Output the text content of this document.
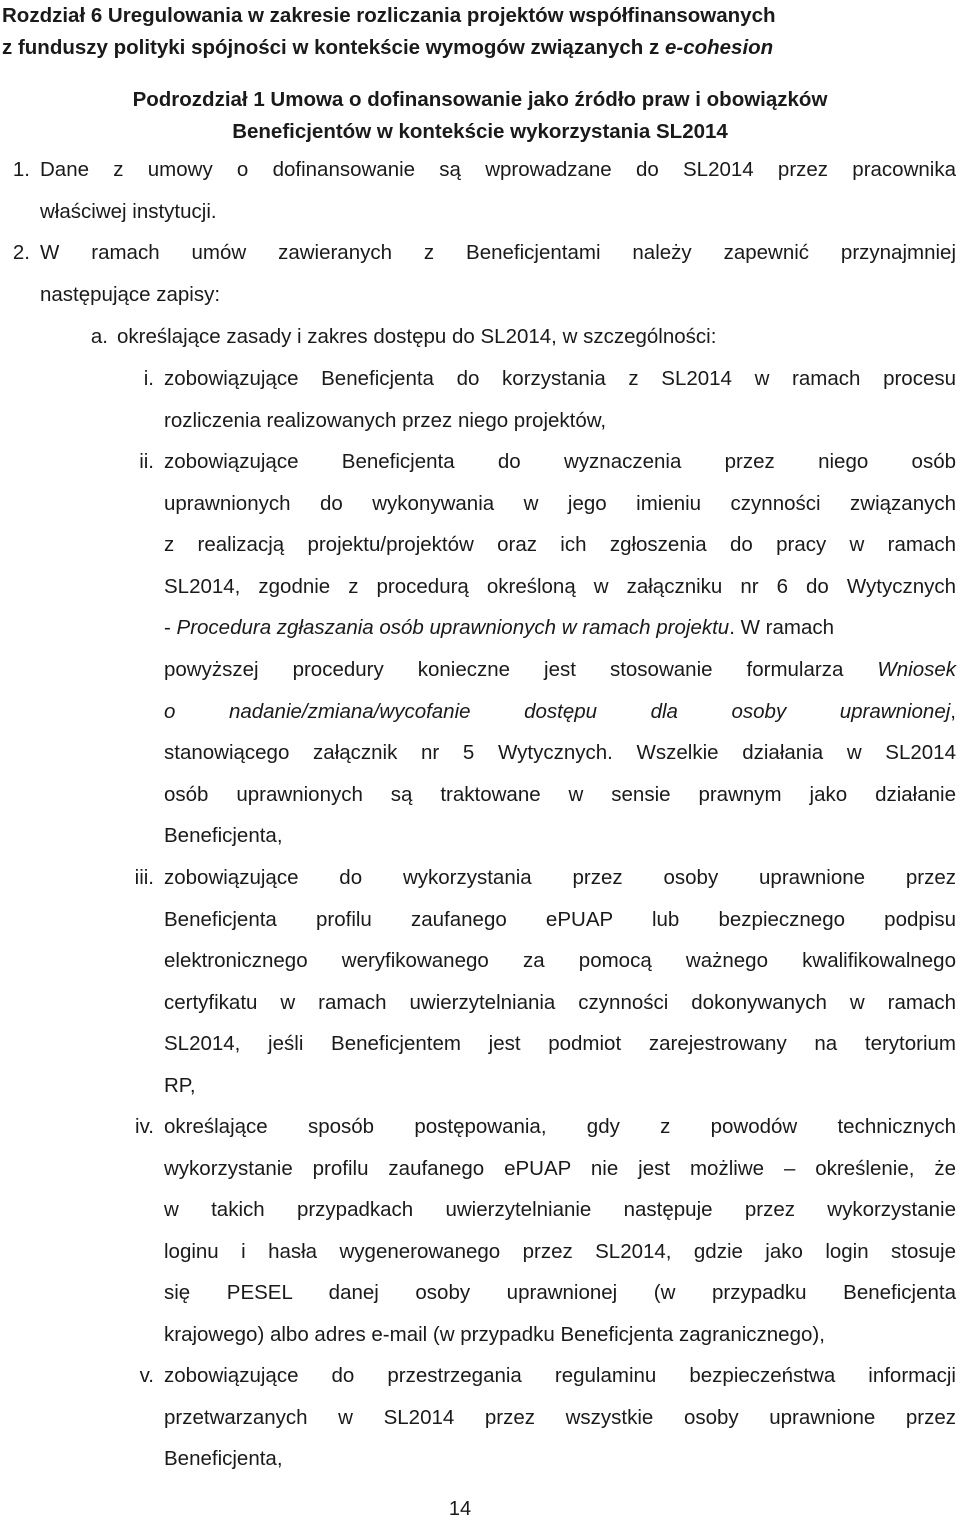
Rozdział 6 Uregulowania w zakresie rozliczania projektów współfinansowanych
z funduszy polityki spójności w kontekście wymogów związanych z e-cohesion
Podrozdział 1 Umowa o dofinansowanie jako źródło praw i obowiązków
Beneficjentów w kontekście wykorzystania SL2014
1. Dane z umowy o dofinansowanie są wprowadzane do SL2014 przez pracownika
właściwej instytucji.
2. W ramach umów zawieranych z Beneficjentami należy zapewnić przynajmniej
następujące zapisy:
a. określające zasady i zakres dostępu do SL2014, w szczególności:
i. zobowiązujące Beneficjenta do korzystania z SL2014 w ramach procesu
rozliczenia realizowanych przez niego projektów,
ii. zobowiązujące Beneficjenta do wyznaczenia przez niego osób
uprawnionych do wykonywania w jego imieniu czynności związanych
z realizacją projektu/projektów oraz ich zgłoszenia do pracy w ramach
SL2014, zgodnie z procedurą określoną w załączniku nr 6 do Wytycznych
- Procedura zgłaszania osób uprawnionych w ramach projektu. W ramach
powyższej procedury konieczne jest stosowanie formularza Wniosek
o nadanie/zmiana/wycofanie dostępu dla osoby uprawnionej,
stanowiącego załącznik nr 5 Wytycznych. Wszelkie działania w SL2014
osób uprawnionych są traktowane w sensie prawnym jako działanie
Beneficjenta,
iii. zobowiązujące do wykorzystania przez osoby uprawnione przez
Beneficjenta profilu zaufanego ePUAP lub bezpiecznego podpisu
elektronicznego weryfikowanego za pomocą ważnego kwalifikowalnego
certyfikatu w ramach uwierzytelniania czynności dokonywanych w ramach
SL2014, jeśli Beneficjentem jest podmiot zarejestrowany na terytorium
RP,
iv. określające sposób postępowania, gdy z powodów technicznych
wykorzystanie profilu zaufanego ePUAP nie jest możliwe – określenie, że
w takich przypadkach uwierzytelnianie następuje przez wykorzystanie
loginu i hasła wygenerowanego przez SL2014, gdzie jako login stosuje
się PESEL danej osoby uprawnionej (w przypadku Beneficjenta
krajowego) albo adres e-mail (w przypadku Beneficjenta zagranicznego),
v. zobowiązujące do przestrzegania regulaminu bezpieczeństwa informacji
przetwarzanych w SL2014 przez wszystkie osoby uprawnione przez
Beneficjenta,
14
